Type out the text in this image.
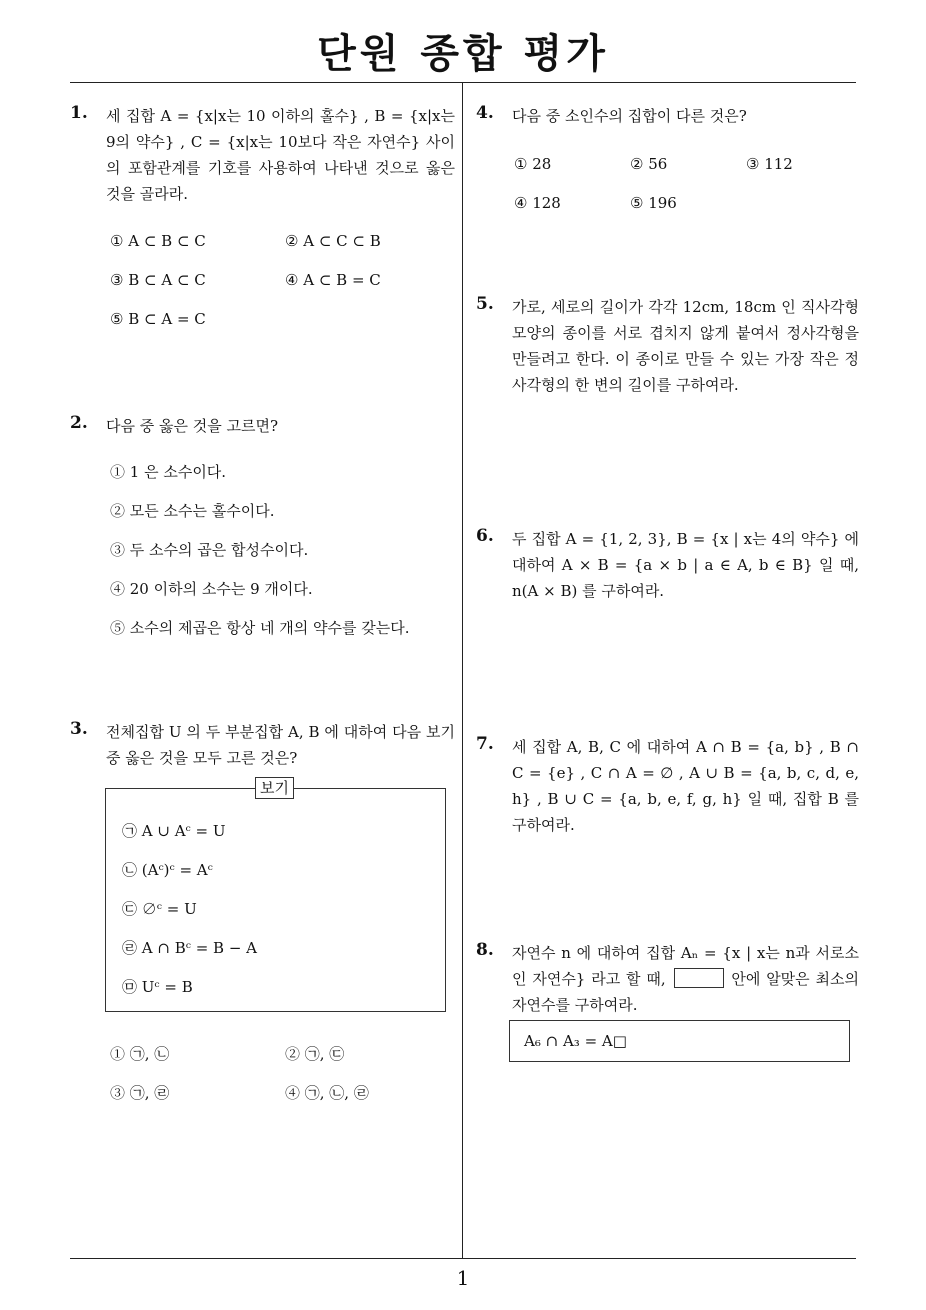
단원 종합 평가
1
1. 세 집합 A = {x|x는 10 이하의 홀수} , B = {x|x는 9의 약수} , C = {x|x는 10보다 작은 자연수} 사이의 포함관계를 기호를 사용하여 나타낸 것으로 옳은 것을 골라라.
① A ⊂ B ⊂ C	② A ⊂ C ⊂ B
③ B ⊂ A ⊂ C	④ A ⊂ B = C
⑤ B ⊂ A = C
2. 다음 중 옳은 것을 고르면?
① 1 은 소수이다.
② 모든 소수는 홀수이다.
③ 두 소수의 곱은 합성수이다.
④ 20 이하의 소수는 9 개이다.
⑤ 소수의 제곱은 항상 네 개의 약수를 갖는다.
3. 전체집합 U 의 두 부분집합 A, B 에 대하여 다음 보기 중 옳은 것을 모두 고른 것은?
㉠ A ∪ Aᶜ = U
㉡ (Aᶜ)ᶜ = Aᶜ
㉢ ∅ᶜ = U
㉣ A ∩ Bᶜ = B − A
㉤ Uᶜ = B
보기
① ㉠, ㉡	② ㉠, ㉢
③ ㉠, ㉣	④ ㉠, ㉡, ㉣
4. 다음 중 소인수의 집합이 다른 것은?
① 28	② 56	③ 112
④ 128	⑤ 196
5. 가로, 세로의 길이가 각각 12cm, 18cm 인 직사각형 모양의 종이를 서로 겹치지 않게 붙여서 정사각형을 만들려고 한다. 이 종이로 만들 수 있는 가장 작은 정사각형의 한 변의 길이를 구하여라.
6. 두 집합 A = {1, 2, 3}, B = {x | x는 4의 약수} 에 대하여 A × B = {a × b | a ∈ A, b ∈ B} 일 때, n(A × B) 를 구하여라.
7. 세 집합 A, B, C 에 대하여 A ∩ B = {a, b} , B ∩ C = {e} , C ∩ A = ∅ , A ∪ B = {a, b, c, d, e, h} , B ∪ C = {a, b, e, f, g, h} 일 때, 집합 B 를 구하여라.
8. 자연수 n 에 대하여 집합 Aₙ = {x | x는 n과 서로소인 자연수} 라고 할 때,	안에 알맞은 최소의 자연수를 구하여라.
A₆ ∩ A₃ = A□
